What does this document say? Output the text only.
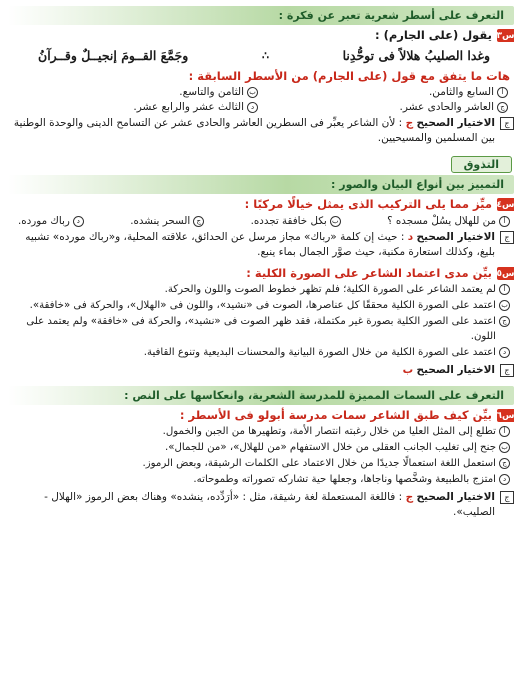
التعرف على أسطر شعرية تعبر عن فكرة :
س٣
يقول (على الجارم) :
وغدا الصليبُ هلالاً فى توحُّدِنا
∴
وجَمَّعَ القــومَ إنجيــلٌ وقــرآنُ
هات ما يتفق مع قول (على الجارم) من الأسطر السابقة :
أ
السابع والثامن.
ب
الثامن والتاسع.
ج
العاشر والحادى عشر.
د
الثالث عشر والرابع عشر.
ج
الاختيار الصحيح ج : لأن الشاعر يعبِّر فى السطرين العاشر والحادى عشر عن التسامح الدينى والوحدة الوطنية بين المسلمين والمسيحيين.
التذوق
التمييز بين أنواع البيان والصور :
س٤
ميِّز مما يلى التركيب الذى يمثل خيالًا مركبًا :
أ
من للهلال يسُلْ مسجده ؟
ب
بكل خافقة تجدده.
ج
السحر ينشده.
د
رباك مورده.
ج
الاختيار الصحيح د : حيث إن كلمة «رباك» مجاز مرسل عن الحدائق، علاقته المحلية، و«رباك مورده» تشبيه بليغ، وكذلك استعارة مكنية، حيث صوَّر الجمال بماء ينبع.
س٥
بيِّن مدى اعتماد الشاعر على الصورة الكلية :
أ
لم يعتمد الشاعر على الصورة الكلية؛ فلم تظهر خطوط الصوت واللون والحركة.
ب
اعتمد على الصورة الكلية محققًا كل عناصرها، الصوت فى «نشيد»، واللون فى «الهلال»، والحركة فى «خافقة».
ج
اعتمد على الصور الكلية بصورة غير مكتملة، فقد ظهر الصوت فى «نشيد»، والحركة فى «خافقة» ولم يعتمد على اللون.
د
اعتمد على الصورة الكلية من خلال الصورة البيانية والمحسنات البديعية وتنوع القافية.
ج
الاختيار الصحيح ب
التعرف على السمات المميزة للمدرسة الشعرية، وانعكاسها على النص :
س٦
بيِّن كيف طبق الشاعر سمات مدرسة أبولو فى الأسطر :
أ
تطلع إلى المثل العليا من خلال رغبته انتصار الأمة، وتطهيرها من الجبن والخمول.
ب
جنح إلى تغليب الجانب العقلى من خلال الاستفهام «من للهلال»، «من للجمال».
ج
استعمل اللغة استعمالًا جديدًا من خلال الاعتماد على الكلمات الرشيقة، وبعض الرموز.
د
امتزج بالطبيعة وشخَّصها وناجاها، وجعلها حية تشاركه تصوراته وطموحاته.
ج
الاختيار الصحيح ج : فاللغة المستعملة لغة رشيقة، مثل : «أرَدِّده، ينشده» وهناك بعض الرموز «الهلال - الصليب».
